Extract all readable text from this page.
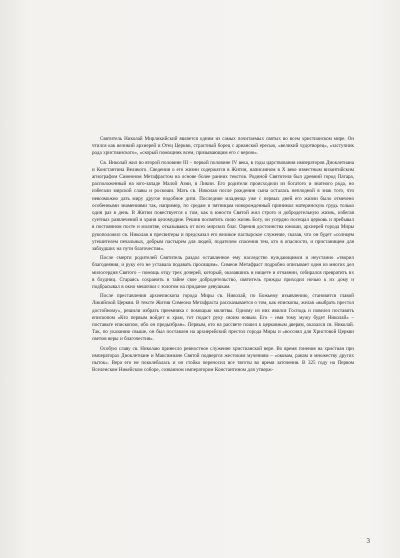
Святитель Николай Мирликийский является одним из самых почитаемых святых во всем христианском мире. Он чтился как великий архиерей и Отец Церкви, страстный борец с арианской ересью, «великий чудотворец», «заступник рода христианского», «скорый помощник всем, призывающим его с верою».

Св. Николай жил во второй половине III – первой половине IV века, в годы царствования императоров Диоклетиана и Константина Великого. Сведения о его жизни содержатся в Житии, написанном в X веке известным византийским агиографом Симеоном Метафрастом на основе более ранних текстов. Родиной Святителя был древний город Патара, расположенный на юго-западе Малой Азии, в Ликии. Его родители происходили из богатого и знатного рода, но избегали мирской славы и роскоши. Мать св. Николая после рождения сына осталась неплодной в знак того, что невозможно дать миру другое подобное дитя. Последние младенца уже с первых дней его жизни было отмечено особенными знамениями так, например, по средам и пятницам новорожденный принимал материнскую грудь только один раз в день. В Житии повествуется о том, как в юности Святой жил строго и добродетельную жизнь, избегая суетных развлечений и храня целомудрие. Решив посвятить свою жизнь Богу, он усердно посещал церковь и пребывал в постоянном посте и молитве, отказываясь от всех мирских благ. Оценив достоинства юноши, архиерей города Миры рукоположил св. Николая в пресвитеры и предсказал его великое пастырское служение, сказав, что он будет «солнцем утешителем печальных, добрым пастырем для людей, подателем спасения тем, кто в опасности, и пристанищем для заблудших на пути благочестия».

После смерти родителей Святитель раздал оставленное ему наследство нуждающимся и неустанно «творил благодеяния, и руку его не уставала подавать просящим». Симеон Метафраст подробно описывает один из многих дел милосердия Святого – помощь отцу трех дочерей, который, оказавшись в нищете и отчаянии, собирался превратить их в блудниц. Стараясь сохранить в тайне свое добродетельство, святитель трижды приходил ночью к их дому и подбрасывал в окно мешочки с золотом на приданое девушкам.

После преставления архиепископа города Миры св. Николай, по Божьему изъявлению, становится главой Ликийской Церкви. В тексте Жития Симеона Метафраста рассказывается о том, как епископы, желая «выбрать престол достойному», решили избрать преемника с помощью молитвы. Одному из них явился Господь и повелел поставить епископом «Кто первым войдет в храм, тот подаст руку своим новым. Его – имя тому мужу будет Николай» – поставьте епископом, ибо он предызбран». Первым, кто на рассвете пошел к церковным дверям, оказался св. Николай. Так, по указанию свыше, он был поставлен на архиерейский престол города Миры и «воссиял для Христовой Церкви светом веры и благочестия».

Особую славу св. Николаю принесло ревностное служение христианской вере. Во время гонения на христиан при императорах Диоклетиане и Максимиане Святой подвергся жестоким мучениям – «оковам, ранам и множеству других пыток». Вера его не поколебалась и он стойко переносил все тяготы во время заточения. В 325 году на Первом Вселенском Никейском соборе, созванном императором Константином для утверж-

3
